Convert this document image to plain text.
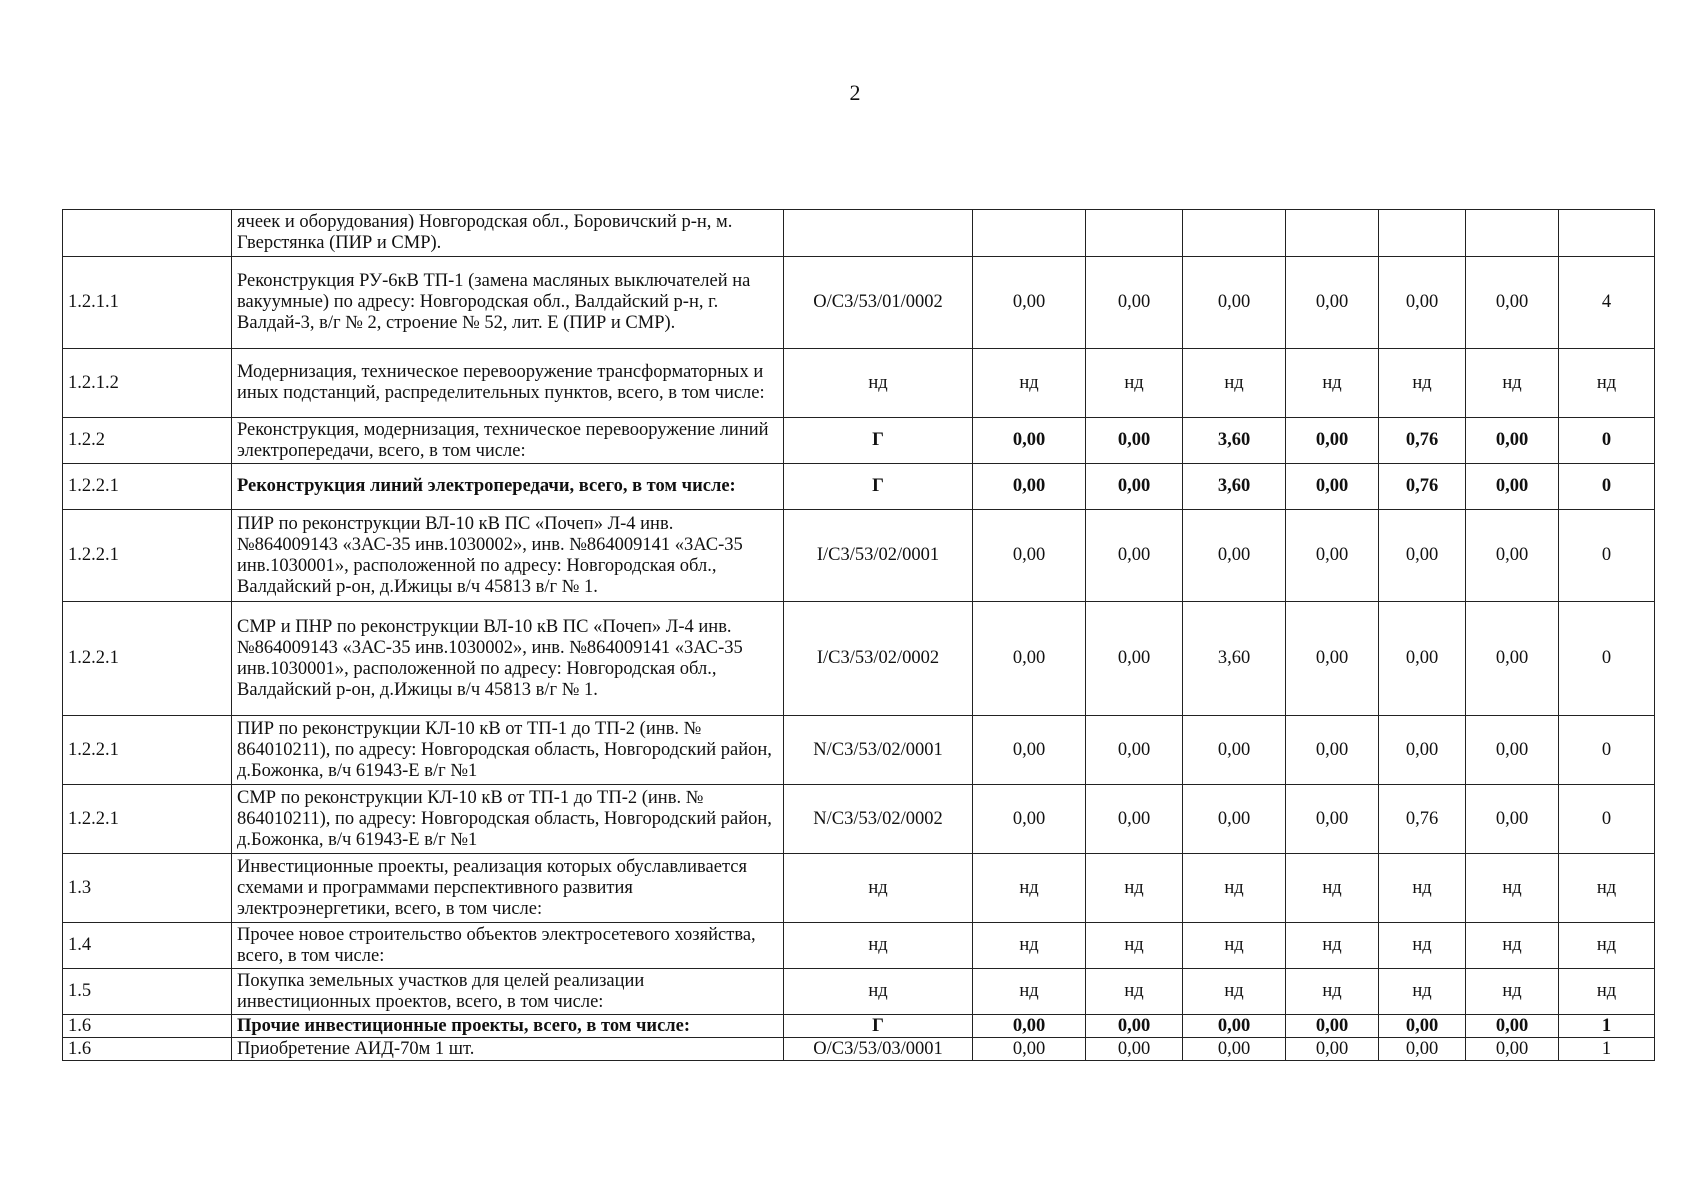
2
	ячеек и оборудования) Новгородская обл., Боровичский р-н, м. Гверстянка (ПИР и СМР).								
1.2.1.1	Реконструкция РУ-6кВ ТП-1 (замена масляных выключателей на вакуумные) по адресу: Новгородская обл., Валдайский р-н, г. Валдай-3, в/г № 2, строение № 52, лит. Е (ПИР и СМР).	O/C3/53/01/0002	0,00	0,00	0,00	0,00	0,00	0,00	4
1.2.1.2	Модернизация, техническое перевооружение трансформаторных и иных подстанций, распределительных пунктов, всего, в том числе:	нд	нд	нд	нд	нд	нд	нд	нд
1.2.2	Реконструкция, модернизация, техническое перевооружение линий электропередачи, всего, в том числе:	Г	0,00	0,00	3,60	0,00	0,76	0,00	0
1.2.2.1	Реконструкция линий электропередачи, всего, в том числе:	Г	0,00	0,00	3,60	0,00	0,76	0,00	0
1.2.2.1	ПИР по реконструкции ВЛ-10 кВ ПС «Почеп» Л-4 инв. №864009143 «3АС-35 инв.1030002», инв. №864009141 «3АС-35 инв.1030001», расположенной по адресу: Новгородская обл., Валдайский р-он, д.Ижицы в/ч 45813 в/г № 1.	I/C3/53/02/0001	0,00	0,00	0,00	0,00	0,00	0,00	0
1.2.2.1	СМР и ПНР по реконструкции ВЛ-10 кВ ПС «Почеп» Л-4 инв. №864009143 «3АС-35 инв.1030002», инв. №864009141 «3АС-35 инв.1030001», расположенной по адресу: Новгородская обл., Валдайский р-он, д.Ижицы в/ч 45813 в/г № 1.	I/C3/53/02/0002	0,00	0,00	3,60	0,00	0,00	0,00	0
1.2.2.1	ПИР по реконструкции КЛ-10 кВ от ТП-1 до ТП-2 (инв. № 864010211), по адресу: Новгородская область, Новгородский район, д.Божонка, в/ч 61943-Е в/г №1	N/C3/53/02/0001	0,00	0,00	0,00	0,00	0,00	0,00	0
1.2.2.1	СМР по реконструкции КЛ-10 кВ от ТП-1 до ТП-2 (инв. № 864010211), по адресу: Новгородская область, Новгородский район, д.Божонка, в/ч 61943-Е в/г №1	N/C3/53/02/0002	0,00	0,00	0,00	0,00	0,76	0,00	0
1.3	Инвестиционные проекты, реализация которых обуславливается схемами и программами перспективного развития электроэнергетики, всего, в том числе:	нд	нд	нд	нд	нд	нд	нд	нд
1.4	Прочее новое строительство объектов электросетевого хозяйства, всего, в том числе:	нд	нд	нд	нд	нд	нд	нд	нд
1.5	Покупка земельных участков для целей реализации инвестиционных проектов, всего, в том числе:	нд	нд	нд	нд	нд	нд	нд	нд
1.6	Прочие инвестиционные проекты, всего, в том числе:	Г	0,00	0,00	0,00	0,00	0,00	0,00	1
1.6	Приобретение АИД-70м 1 шт.	O/C3/53/03/0001	0,00	0,00	0,00	0,00	0,00	0,00	1
